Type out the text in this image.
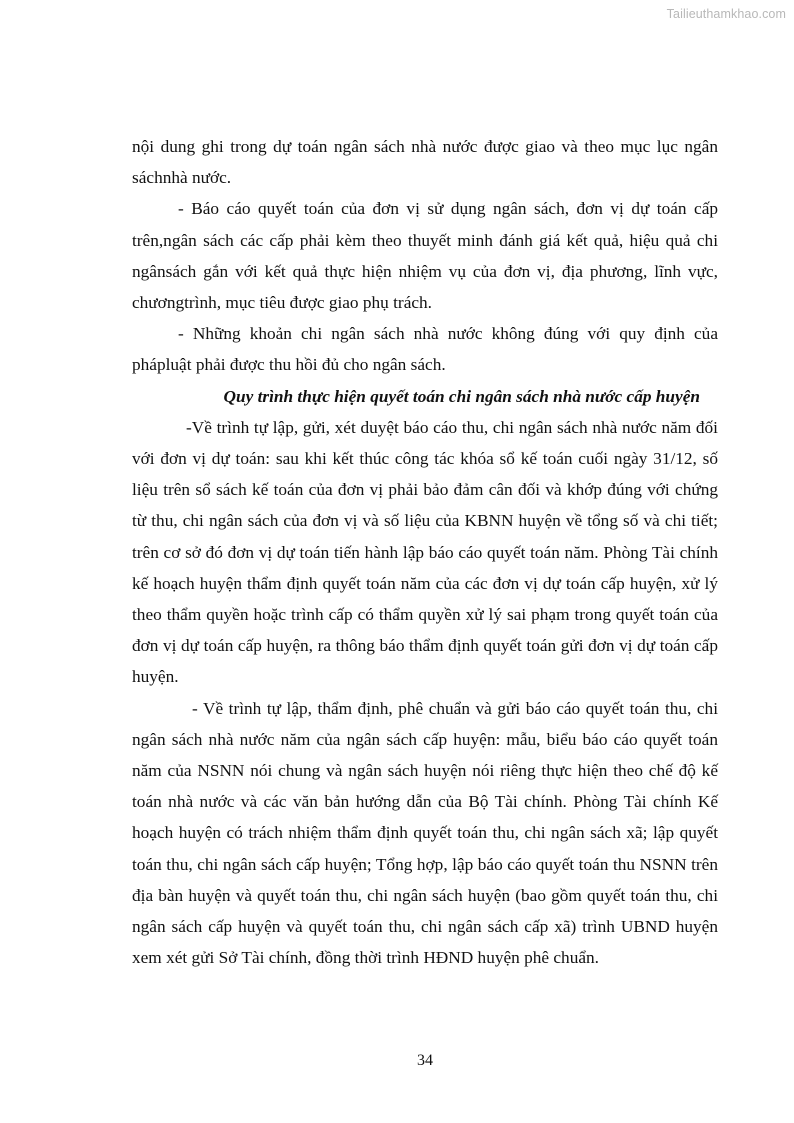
Tailieuthamkhao.com

nội dung ghi trong dự toán ngân sách nhà nước được giao và theo mục lục ngân sáchnhà nước.

- Báo cáo quyết toán của đơn vị sử dụng ngân sách, đơn vị dự toán cấp trên,ngân sách các cấp phải kèm theo thuyết minh đánh giá kết quả, hiệu quả chi ngânsách gắn với kết quả thực hiện nhiệm vụ của đơn vị, địa phương, lĩnh vực, chươngtrình, mục tiêu được giao phụ trách.

- Những khoản chi ngân sách nhà nước không đúng với quy định của phápluật phải được thu hồi đủ cho ngân sách.

Quy trình thực hiện quyết toán chi ngân sách nhà nước cấp huyện

-Về trình tự lập, gửi, xét duyệt báo cáo thu, chi ngân sách nhà nước năm đối với đơn vị dự toán: sau khi kết thúc công tác khóa sổ kế toán cuối ngày 31/12, số liệu trên sổ sách kế toán của đơn vị phải bảo đảm cân đối và khớp đúng với chứng từ thu, chi ngân sách của đơn vị và số liệu của KBNN huyện về tổng số và chi tiết; trên cơ sở đó đơn vị dự toán tiến hành lập báo cáo quyết toán năm. Phòng Tài chính kế hoạch huyện thẩm định quyết toán năm của các đơn vị dự toán cấp huyện, xử lý theo thẩm quyền hoặc trình cấp có thẩm quyền xử lý sai phạm trong quyết toán của đơn vị dự toán cấp huyện, ra thông báo thẩm định quyết toán gửi đơn vị dự toán cấp huyện.

- Về trình tự lập, thẩm định, phê chuẩn và gửi báo cáo quyết toán thu, chi ngân sách nhà nước năm của ngân sách cấp huyện: mẫu, biểu báo cáo quyết toán năm của NSNN nói chung và ngân sách huyện nói riêng thực hiện theo chế độ kế toán nhà nước và các văn bản hướng dẫn của Bộ Tài chính. Phòng Tài chính Kế hoạch huyện có trách nhiệm thẩm định quyết toán thu, chi ngân sách xã; lập quyết toán thu, chi ngân sách cấp huyện; Tổng hợp, lập báo cáo quyết toán thu NSNN trên địa bàn huyện và quyết toán thu, chi ngân sách huyện (bao gồm quyết toán thu, chi ngân sách cấp huyện và quyết toán thu, chi ngân sách cấp xã) trình UBND huyện xem xét gửi Sở Tài chính, đồng thời trình HĐND huyện phê chuẩn.

34
